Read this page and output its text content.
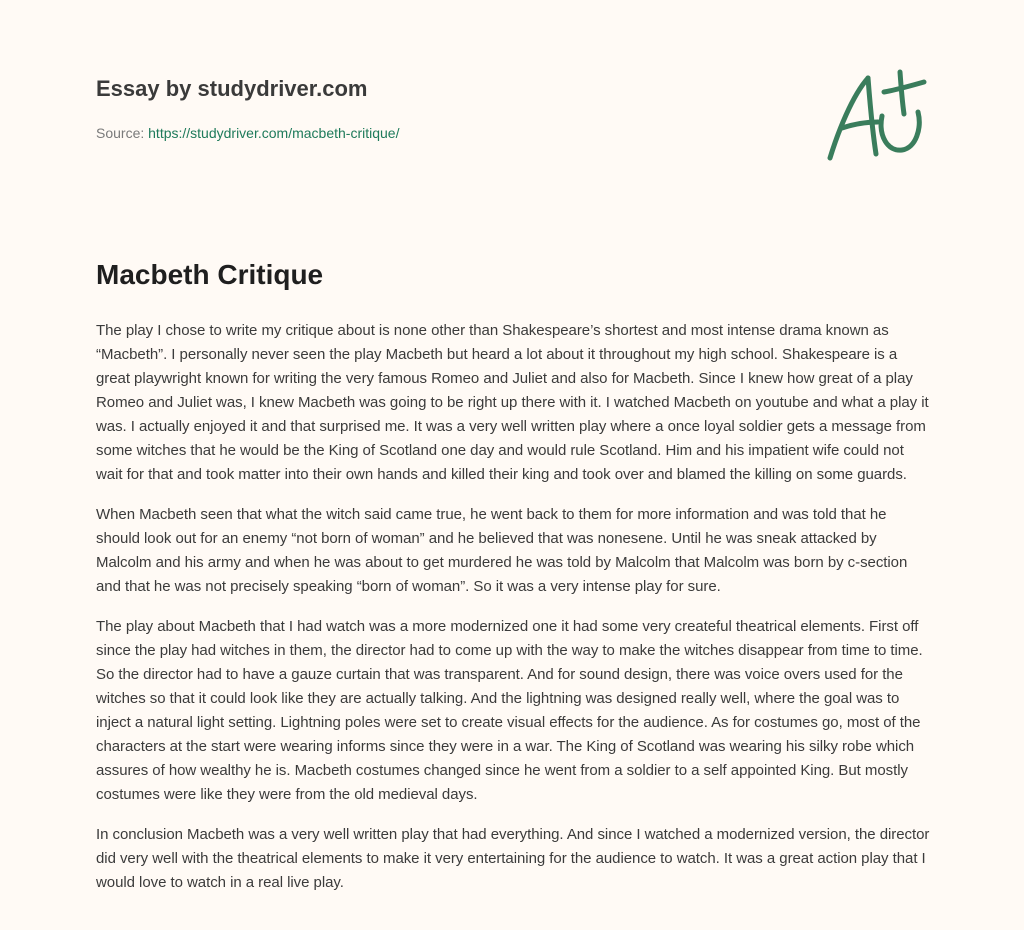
Essay by studydriver.com
Source: https://studydriver.com/macbeth-critique/
Macbeth Critique

The play I chose to write my critique about is none other than Shakespeare’s shortest and most intense drama known as “Macbeth”. I personally never seen the play Macbeth but heard a lot about it throughout my high school. Shakespeare is a great playwright known for writing the very famous Romeo and Juliet and also for Macbeth. Since I knew how great of a play Romeo and Juliet was, I knew Macbeth was going to be right up there with it. I watched Macbeth on youtube and what a play it was. I actually enjoyed it and that surprised me. It was a very well written play where a once loyal soldier gets a message from some witches that he would be the King of Scotland one day and would rule Scotland. Him and his impatient wife could not wait for that and took matter into their own hands and killed their king and took over and blamed the killing on some guards.

When Macbeth seen that what the witch said came true, he went back to them for more information and was told that he should look out for an enemy “not born of woman” and he believed that was nonesene. Until he was sneak attacked by Malcolm and his army and when he was about to get murdered he was told by Malcolm that Malcolm was born by c-section and that he was not precisely speaking “born of woman”. So it was a very intense play for sure.

The play about Macbeth that I had watch was a more modernized one it had some very createful theatrical elements. First off since the play had witches in them, the director had to come up with the way to make the witches disappear from time to time. So the director had to have a gauze curtain that was transparent. And for sound design, there was voice overs used for the witches so that it could look like they are actually talking. And the lightning was designed really well, where the goal was to inject a natural light setting. Lightning poles were set to create visual effects for the audience. As for costumes go, most of the characters at the start were wearing informs since they were in a war. The King of Scotland was wearing his silky robe which assures of how wealthy he is. Macbeth costumes changed since he went from a soldier to a self appointed King. But mostly costumes were like they were from the old medieval days.

In conclusion Macbeth was a very well written play that had everything. And since I watched a modernized version, the director did very well with the theatrical elements to make it very entertaining for the audience to watch. It was a great action play that I would love to watch in a real live play.
